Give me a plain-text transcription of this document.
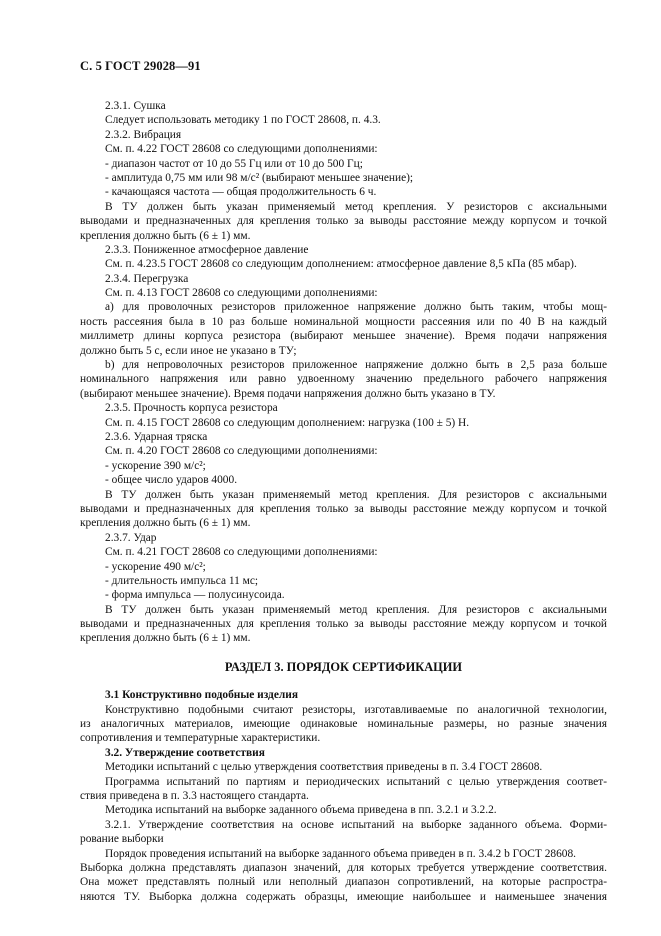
С. 5 ГОСТ 29028—91
2.3.1. Сушка
Следует использовать методику 1 по ГОСТ 28608, п. 4.3.
2.3.2. Вибрация
См. п. 4.22 ГОСТ 28608 со следующими дополнениями:
- диапазон частот от 10 до 55 Гц или от 10 до 500 Гц;
- амплитуда 0,75 мм или 98 м/с² (выбирают меньшее значение);
- качающаяся частота — общая продолжительность 6 ч.
В ТУ должен быть указан применяемый метод крепления. У резисторов с аксиальными
выводами и предназначенных для крепления только за выводы расстояние между корпусом и точкой
крепления должно быть (6 ± 1) мм.
2.3.3. Пониженное атмосферное давление
См. п. 4.23.5 ГОСТ 28608 со следующим дополнением: атмосферное давление 8,5 кПа (85 мбар).
2.3.4. Перегрузка
См. п. 4.13 ГОСТ 28608 со следующими дополнениями:
а) для проволочных резисторов приложенное напряжение должно быть таким, чтобы мощ-
ность рассеяния была в 10 раз больше номинальной мощности рассеяния или по 40 В на каждый
миллиметр длины корпуса резистора (выбирают меньшее значение). Время подачи напряжения
должно быть 5 с, если иное не указано в ТУ;
b) для непроволочных резисторов приложенное напряжение должно быть в 2,5 раза больше
номинального напряжения или равно удвоенному значению предельного рабочего напряжения
(выбирают меньшее значение). Время подачи напряжения должно быть указано в ТУ.
2.3.5. Прочность корпуса резистора
См. п. 4.15 ГОСТ 28608 со следующим дополнением: нагрузка (100 ± 5) Н.
2.3.6. Ударная тряска
См. п. 4.20 ГОСТ 28608 со следующими дополнениями:
- ускорение 390 м/с²;
- общее число ударов 4000.
В ТУ должен быть указан применяемый метод крепления. Для резисторов с аксиальными
выводами и предназначенных для крепления только за выводы расстояние между корпусом и точкой
крепления должно быть (6 ± 1) мм.
2.3.7. Удар
См. п. 4.21 ГОСТ 28608 со следующими дополнениями:
- ускорение 490 м/с²;
- длительность импульса 11 мс;
- форма импульса — полусинусоида.
В ТУ должен быть указан применяемый метод крепления. Для резисторов с аксиальными
выводами и предназначенных для крепления только за выводы расстояние между корпусом и точкой
крепления должно быть (6 ± 1) мм.
РАЗДЕЛ 3. ПОРЯДОК СЕРТИФИКАЦИИ
3.1 Конструктивно подобные изделия
Конструктивно подобными считают резисторы, изготавливаемые по аналогичной технологии,
из аналогичных материалов, имеющие одинаковые номинальные размеры, но разные значения
сопротивления и температурные характеристики.
3.2. Утверждение соответствия
Методики испытаний с целью утверждения соответствия приведены в п. 3.4 ГОСТ 28608.
Программа испытаний по партиям и периодических испытаний с целью утверждения соответ-
ствия приведена в п. 3.3 настоящего стандарта.
Методика испытаний на выборке заданного объема приведена в пп. 3.2.1 и 3.2.2.
3.2.1. Утверждение соответствия на основе испытаний на выборке заданного объема. Форми-
рование выборки
Порядок проведения испытаний на выборке заданного объема приведен в п. 3.4.2 b ГОСТ 28608.
Выборка должна представлять диапазон значений, для которых требуется утверждение соответствия.
Она может представлять полный или неполный диапазон сопротивлений, на которые распростра-
няются ТУ. Выборка должна содержать образцы, имеющие наибольшее и наименьшее значения
